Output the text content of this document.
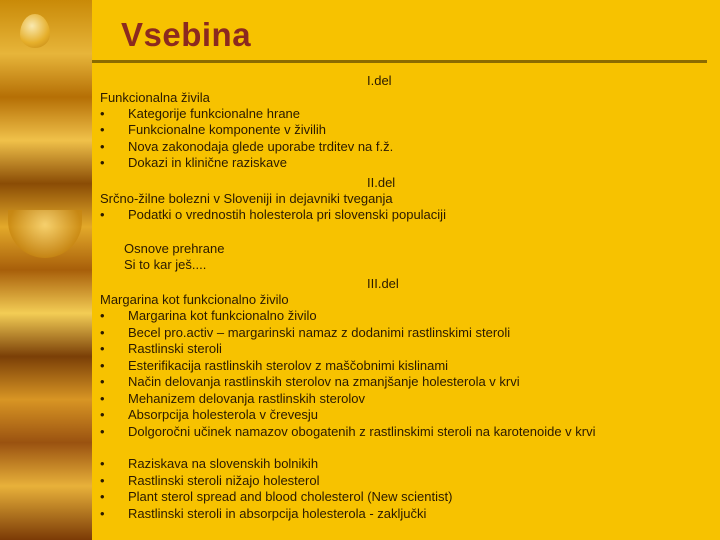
Vsebina
I.del
Funkcionalna živila
• Kategorije funkcionalne hrane
• Funkcionalne komponente v živilih
• Nova zakonodaja glede uporabe trditev na f.ž.
• Dokazi in klinične raziskave
II.del
Srčno-žilne bolezni v Sloveniji in dejavniki tveganja
• Podatki o vrednostih holesterola pri slovenski populaciji
Osnove prehrane
Si to kar ješ....
III.del
Margarina kot funkcionalno živilo
• Margarina kot funkcionalno živilo
• Becel pro.activ – margarinski namaz z dodanimi rastlinskimi steroli
• Rastlinski steroli
• Esterifikacija rastlinskih sterolov z maščobnimi kislinami
• Način delovanja rastlinskih sterolov na zmanjšanje holesterola v krvi
• Mehanizem delovanja rastlinskih sterolov
• Absorpcija holesterola v črevesju
•	Dolgoročni učinek namazov obogatenih z rastlinskimi steroli na karotenoide v krvi
• Raziskava na slovenskih bolnikih
• Rastlinski steroli nižajo holesterol
• Plant sterol spread and blood cholesterol (New scientist)
• Rastlinski steroli in absorpcija holesterola - zaključki
